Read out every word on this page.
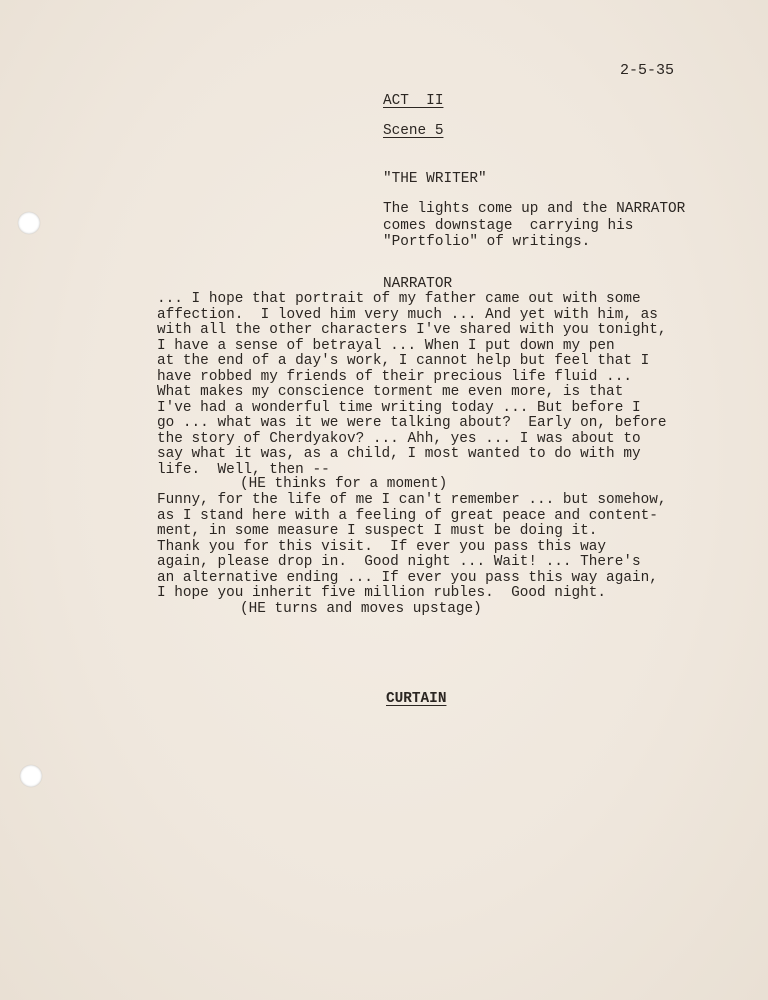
2-5-35
ACT  II
Scene 5
"THE WRITER"
The lights come up and the NARRATOR
comes downstage  carrying his
"Portfolio" of writings.
NARRATOR
... I hope that portrait of my father came out with some
affection.  I loved him very much ... And yet with him, as
with all the other characters I've shared with you tonight,
I have a sense of betrayal ... When I put down my pen
at the end of a day's work, I cannot help but feel that I
have robbed my friends of their precious life fluid ...
What makes my conscience torment me even more, is that
I've had a wonderful time writing today ... But before I
go ... what was it we were talking about?  Early on, before
the story of Cherdyakov? ... Ahh, yes ... I was about to
say what it was, as a child, I most wanted to do with my
life.  Well, then --
(HE thinks for a moment)
Funny, for the life of me I can't remember ... but somehow,
as I stand here with a feeling of great peace and content-
ment, in some measure I suspect I must be doing it.
Thank you for this visit.  If ever you pass this way
again, please drop in.  Good night ... Wait! ... There's
an alternative ending ... If ever you pass this way again,
I hope you inherit five million rubles.  Good night.
(HE turns and moves upstage)
CURTAIN
